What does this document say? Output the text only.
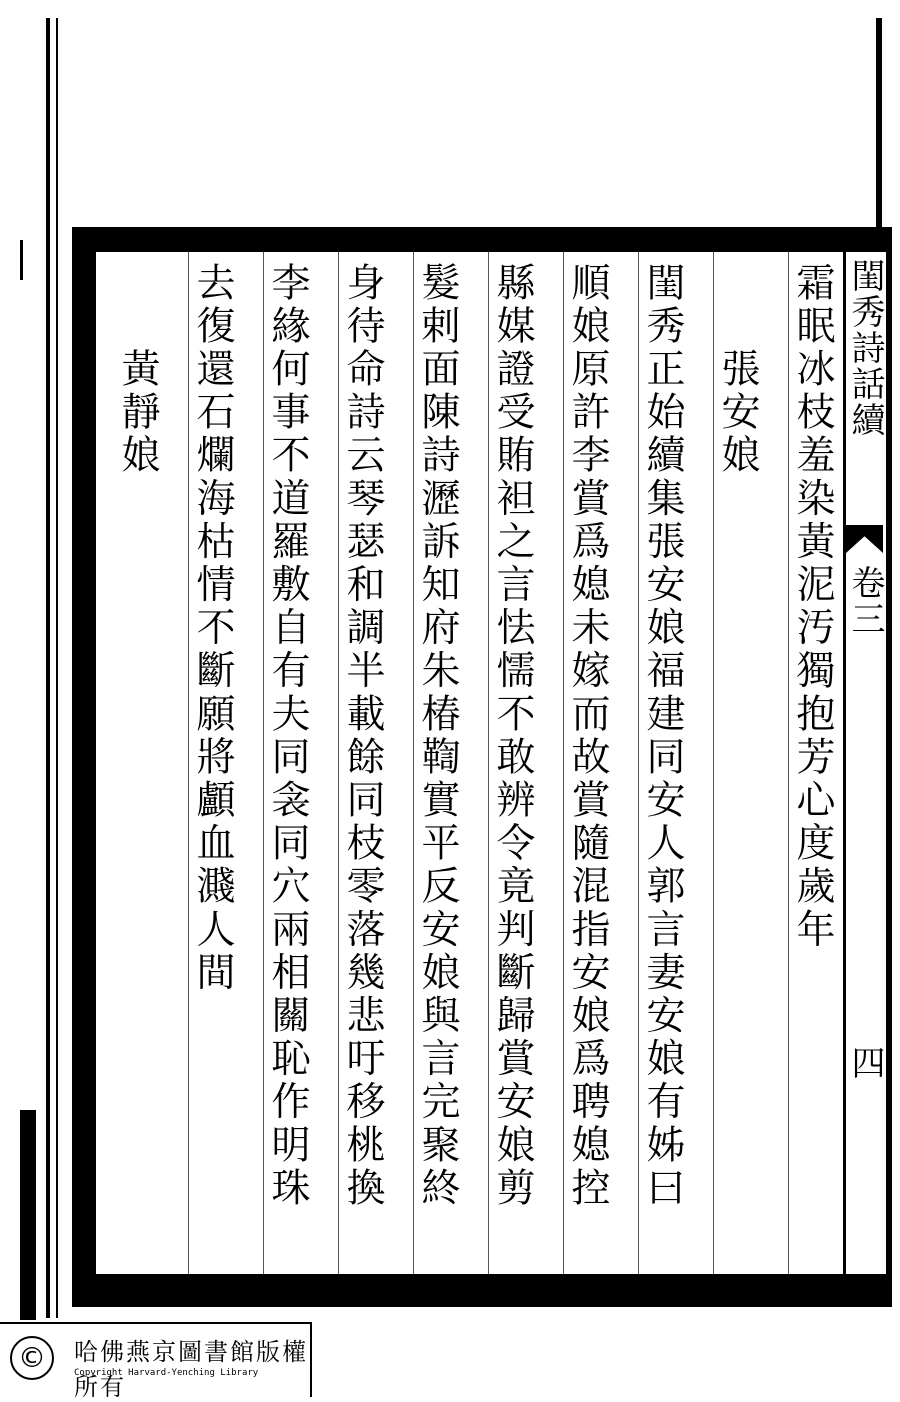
閨秀詩話續
卷三
四
霜眠冰枝羞染黃泥汚獨抱芳心度歲年
　　張安娘
閨秀正始續集張安娘福建同安人郭言妻安娘有姊曰
順娘原許李賞爲媳未嫁而故賞隨混指安娘爲聘媳控
縣媒證受賄袒之言怯懦不敢辨令竟判斷歸賞安娘剪
髮剌面陳詩瀝訴知府朱椿鞫實平反安娘與言完聚終
身待命詩云琴瑟和調半載餘同枝零落幾悲吁移桃換
李緣何事不道羅敷自有夫同衾同穴兩相關恥作明珠
去復還石爛海枯情不斷願將顱血濺人間
　　黃靜娘
©	哈佛燕京圖書館版權所有
Copyright Harvard-Yenching Library
